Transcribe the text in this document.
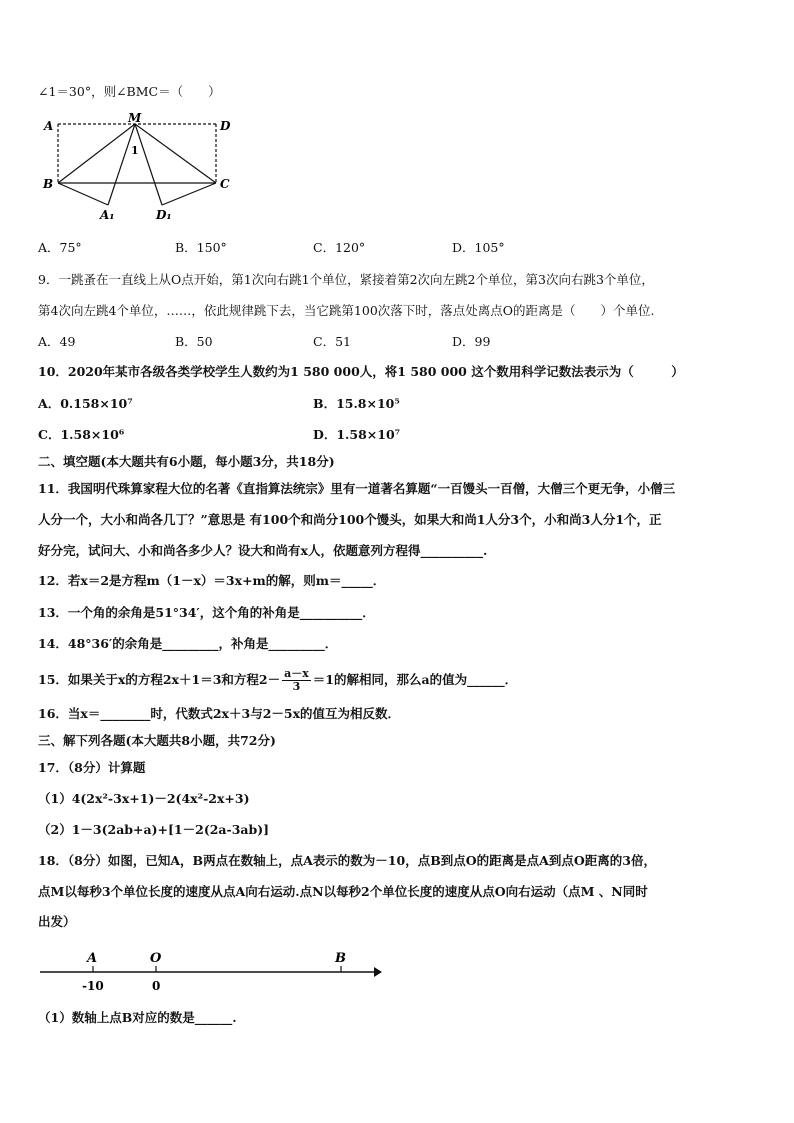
∠1＝30°，则∠BMC＝（　　）
A
M
D
B	C
A₁	D₁
1
A．75°	B．150°	C．120°	D．105°
9．一跳蚤在一直线上从O点开始，第1次向右跳1个单位，紧接着第2次向左跳2个单位，第3次向右跳3个单位，
第4次向左跳4个单位，……，依此规律跳下去，当它跳第100次落下时，落点处离点O的距离是（　　）个单位.
A．49	B．50	C．51	D．99
10．2020年某市各级各类学校学生人数约为1 580 000人，将1 580 000 这个数用科学记数法表示为（　　　）
A．0.158×10⁷	B．15.8×10⁵
C．1.58×10⁶	D．1.58×10⁷
二、填空题(本大题共有6小题，每小题3分，共18分)
11．我国明代珠算家程大位的名著《直指算法统宗》里有一道著名算题“一百馒头一百僧，大僧三个更无争，小僧三
人分一个，大小和尚各几丁？”意思是 有100个和尚分100个馒头，如果大和尚1人分3个，小和尚3人分1个，正
好分完，试问大、小和尚各多少人？设大和尚有x人，依题意列方程得__________.
12．若x＝2是方程m（1－x）＝3x+m的解，则m＝_____．
13．一个角的余角是51°34′，这个角的补角是__________．
14．48°36′的余角是_________，补角是_________．
15．如果关于x的方程2x＋1＝3和方程$2- \frac{a-x}{3} =1$的解相同，那么a的值为______．
16．当x＝________时，代数式2x＋3与2－5x的值互为相反数．
三、解下列各题(本大题共8小题，共72分)
17．（8分）计算题
（1）4(2x²-3x+1)－2(4x²-2x+3)
（2）1－3(2ab+a)+[1－2(2a-3ab)]
18．（8分）如图，已知A，B两点在数轴上，点A表示的数为－10，点B到点O的距离是点A到点O距离的3倍，
点M以每秒3个单位长度的速度从点A向右运动.点N以每秒2个单位长度的速度从点O向右运动（点M 、N同时
出发）
A	O	B
-10	0
（1）数轴上点B对应的数是______.
